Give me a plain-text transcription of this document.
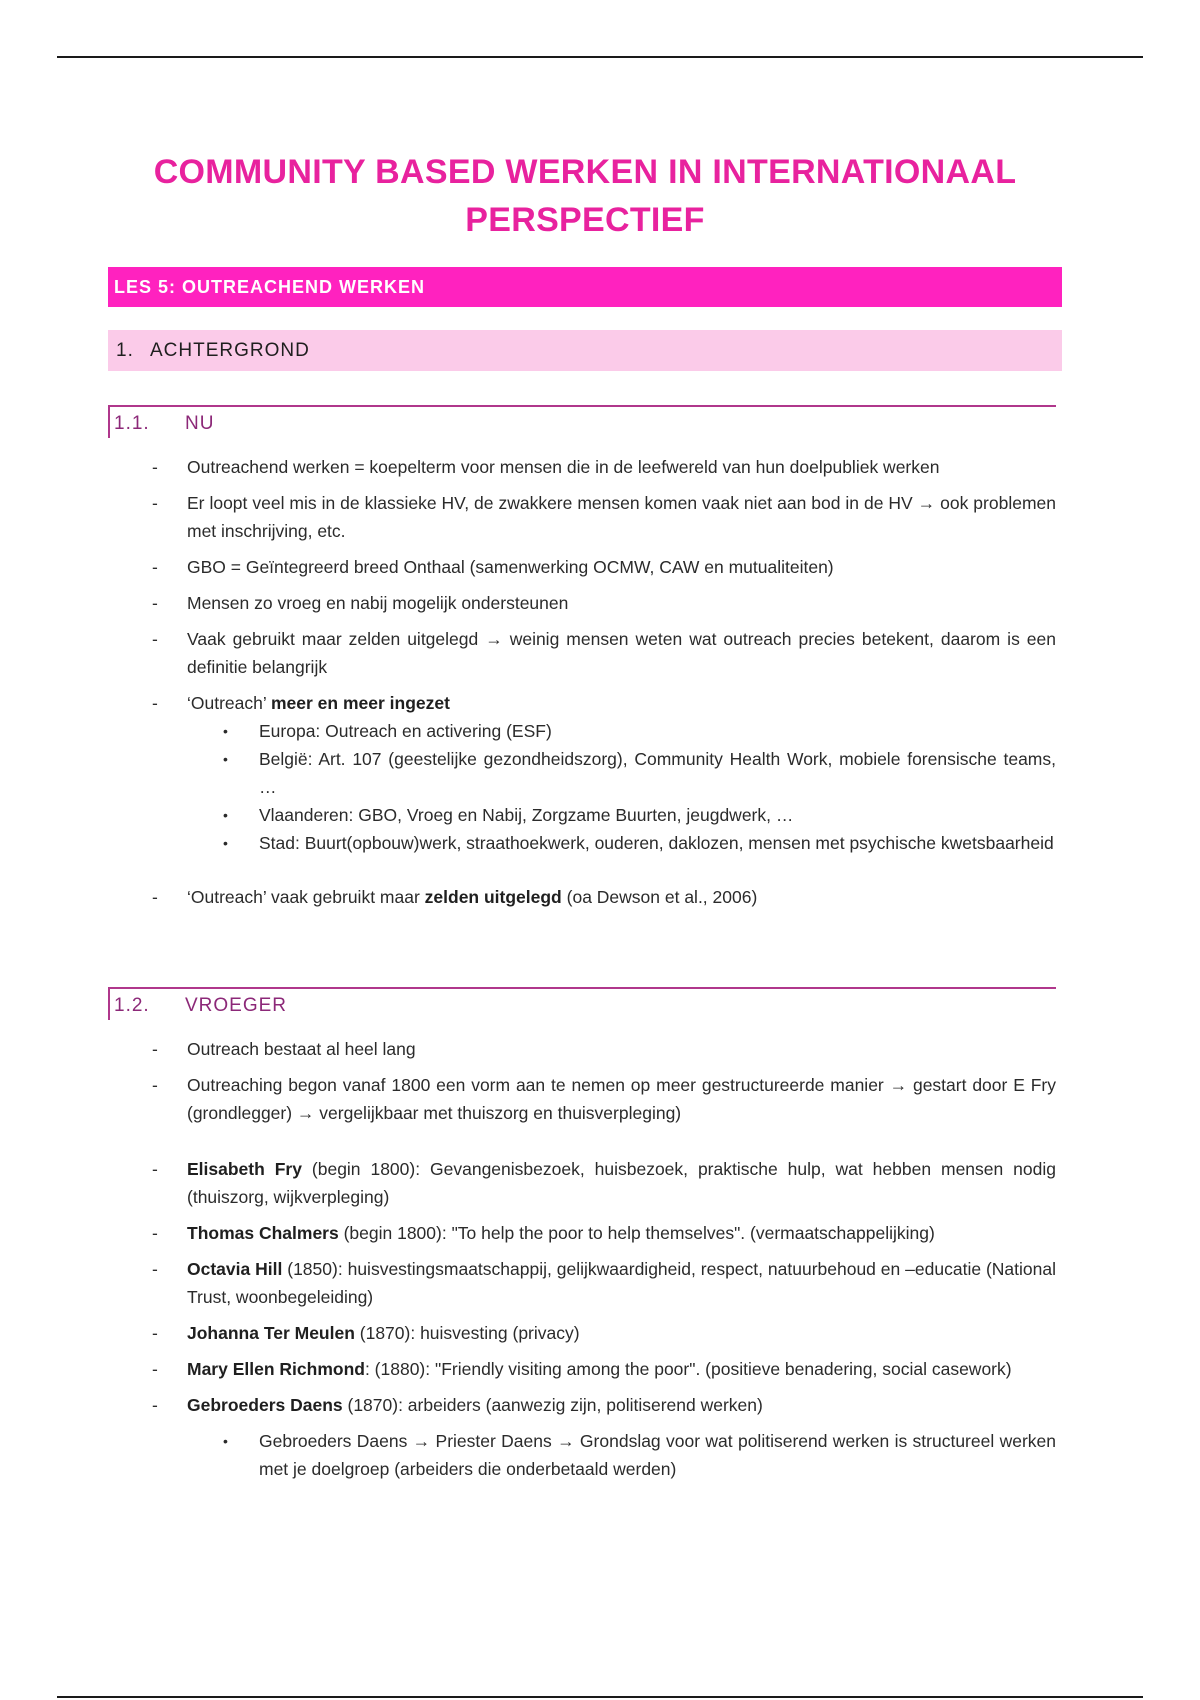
COMMUNITY BASED WERKEN IN INTERNATIONAAL PERSPECTIEF
LES 5: OUTREACHEND WERKEN
1. ACHTERGROND
1.1. NU
- Outreachend werken = koepelterm voor mensen die in de leefwereld van hun doelpubliek werken
- Er loopt veel mis in de klassieke HV, de zwakkere mensen komen vaak niet aan bod in de HV → ook problemen met inschrijving, etc.
- GBO = Geïntegreerd breed Onthaal (samenwerking OCMW, CAW en mutualiteiten)
- Mensen zo vroeg en nabij mogelijk ondersteunen
- Vaak gebruikt maar zelden uitgelegd → weinig mensen weten wat outreach precies betekent, daarom is een definitie belangrijk
- ‘Outreach’ meer en meer ingezet
• Europa: Outreach en activering (ESF)
• België: Art. 107 (geestelijke gezondheidszorg), Community Health Work, mobiele forensische teams, …
• Vlaanderen: GBO, Vroeg en Nabij, Zorgzame Buurten, jeugdwerk, …
• Stad: Buurt(opbouw)werk, straathoekwerk, ouderen, daklozen, mensen met psychische kwetsbaarheid
- ‘Outreach’ vaak gebruikt maar zelden uitgelegd (oa Dewson et al., 2006)
1.2. VROEGER
- Outreach bestaat al heel lang
- Outreaching begon vanaf 1800 een vorm aan te nemen op meer gestructureerde manier → gestart door E Fry (grondlegger) → vergelijkbaar met thuiszorg en thuisverpleging)
- Elisabeth Fry (begin 1800): Gevangenisbezoek, huisbezoek, praktische hulp, wat hebben mensen nodig (thuiszorg, wijkverpleging)
- Thomas Chalmers (begin 1800): "To help the poor to help themselves". (vermaatschappelijking)
- Octavia Hill (1850): huisvestingsmaatschappij, gelijkwaardigheid, respect, natuurbehoud en –educatie (National Trust, woonbegeleiding)
- Johanna Ter Meulen (1870): huisvesting (privacy)
- Mary Ellen Richmond: (1880): "Friendly visiting among the poor". (positieve benadering, social casework)
- Gebroeders Daens (1870): arbeiders (aanwezig zijn, politiserend werken)
• Gebroeders Daens → Priester Daens → Grondslag voor wat politiserend werken is structureel werken met je doelgroep (arbeiders die onderbetaald werden)
